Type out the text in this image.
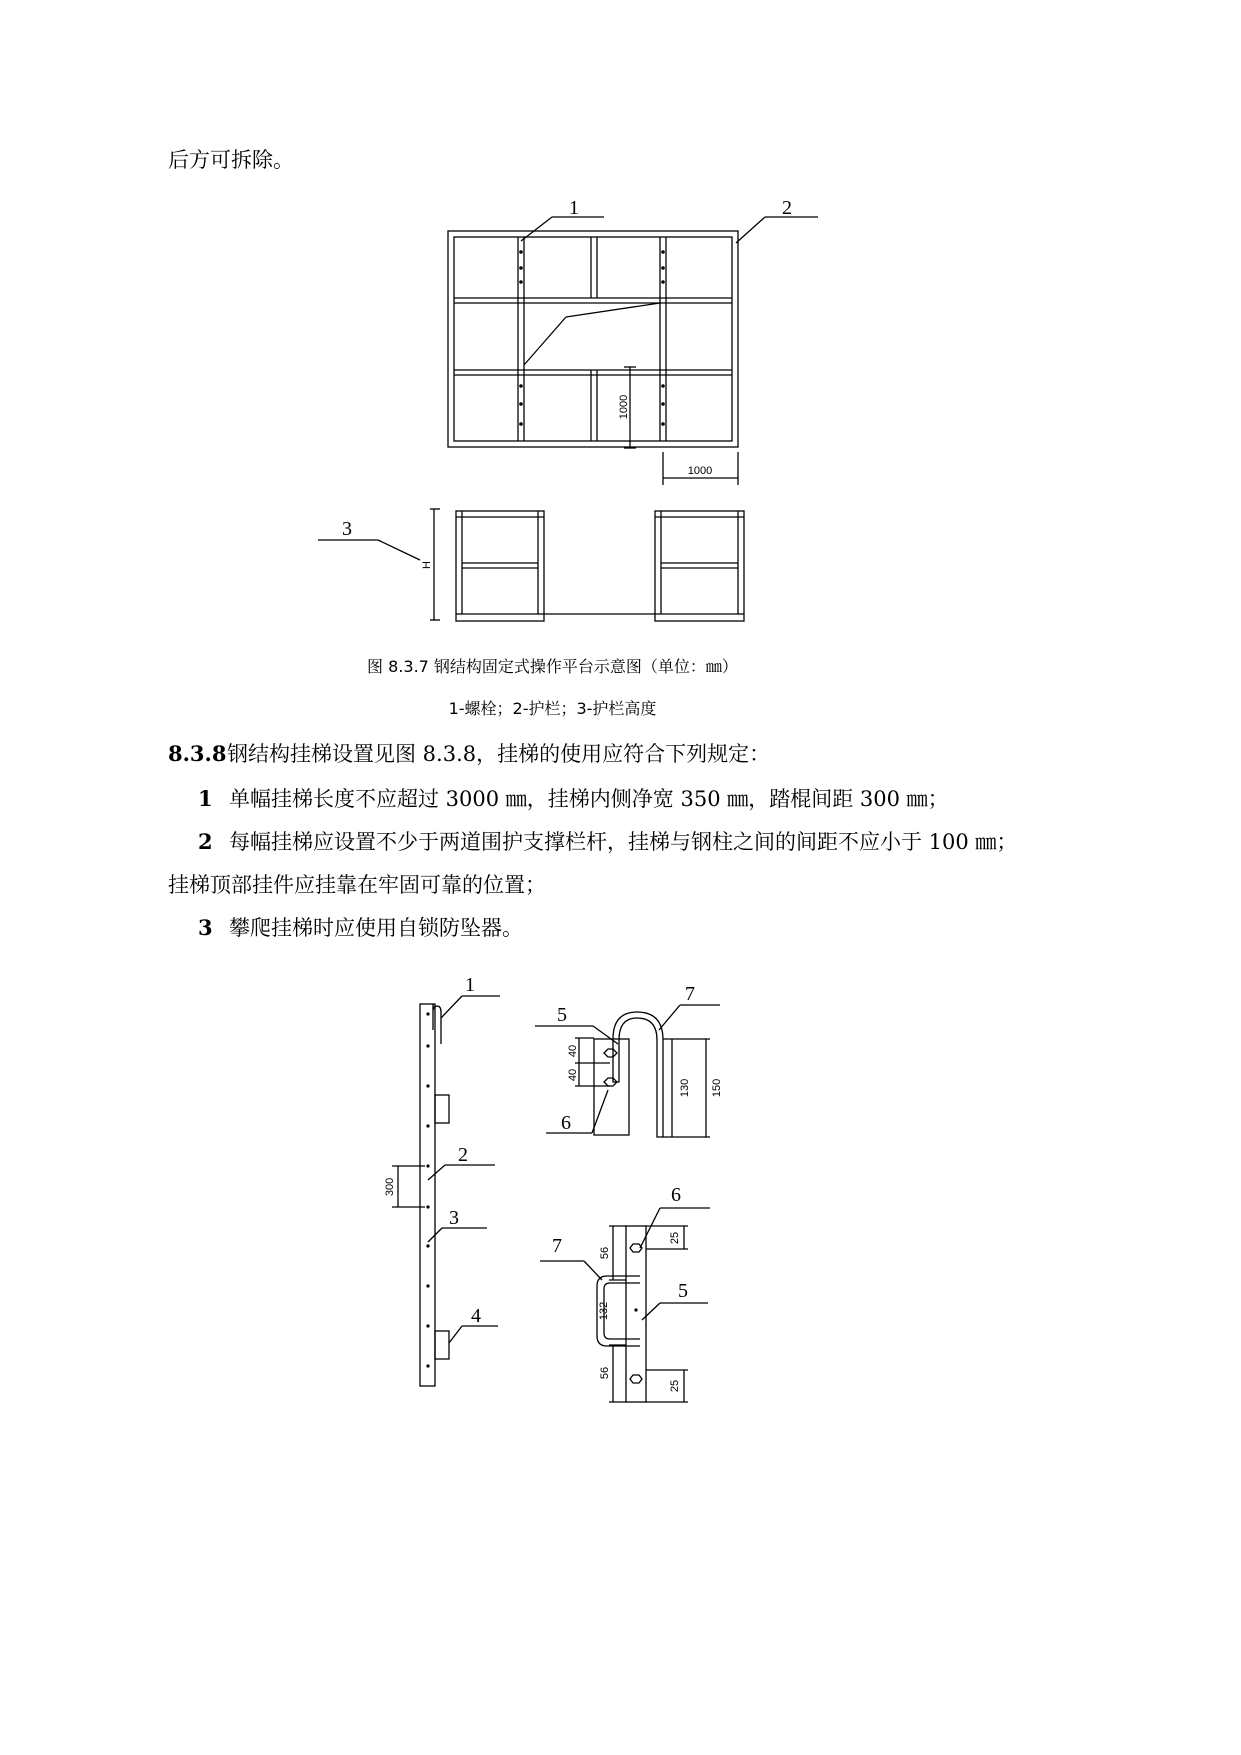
后方可拆除。
1	2
3
1000
1000
H
图 8.3.7 钢结构固定式操作平台示意图（单位：㎜）
1-螺栓；2-护栏；3-护栏高度
8.3.8 钢结构挂梯设置见图 8.3.8，挂梯的使用应符合下列规定：
1 单幅挂梯长度不应超过 3000 ㎜，挂梯内侧净宽 350 ㎜，踏棍间距 300 ㎜；
2 每幅挂梯应设置不少于两道围护支撑栏杆，挂梯与钢柱之间的间距不应小于 100 ㎜；
挂梯顶部挂件应挂靠在牢固可靠的位置；
3 攀爬挂梯时应使用自锁防坠器。
1
2
3
4
300
5
6
7
40
40
130 150
6
7
5
56
25
132
56
25
